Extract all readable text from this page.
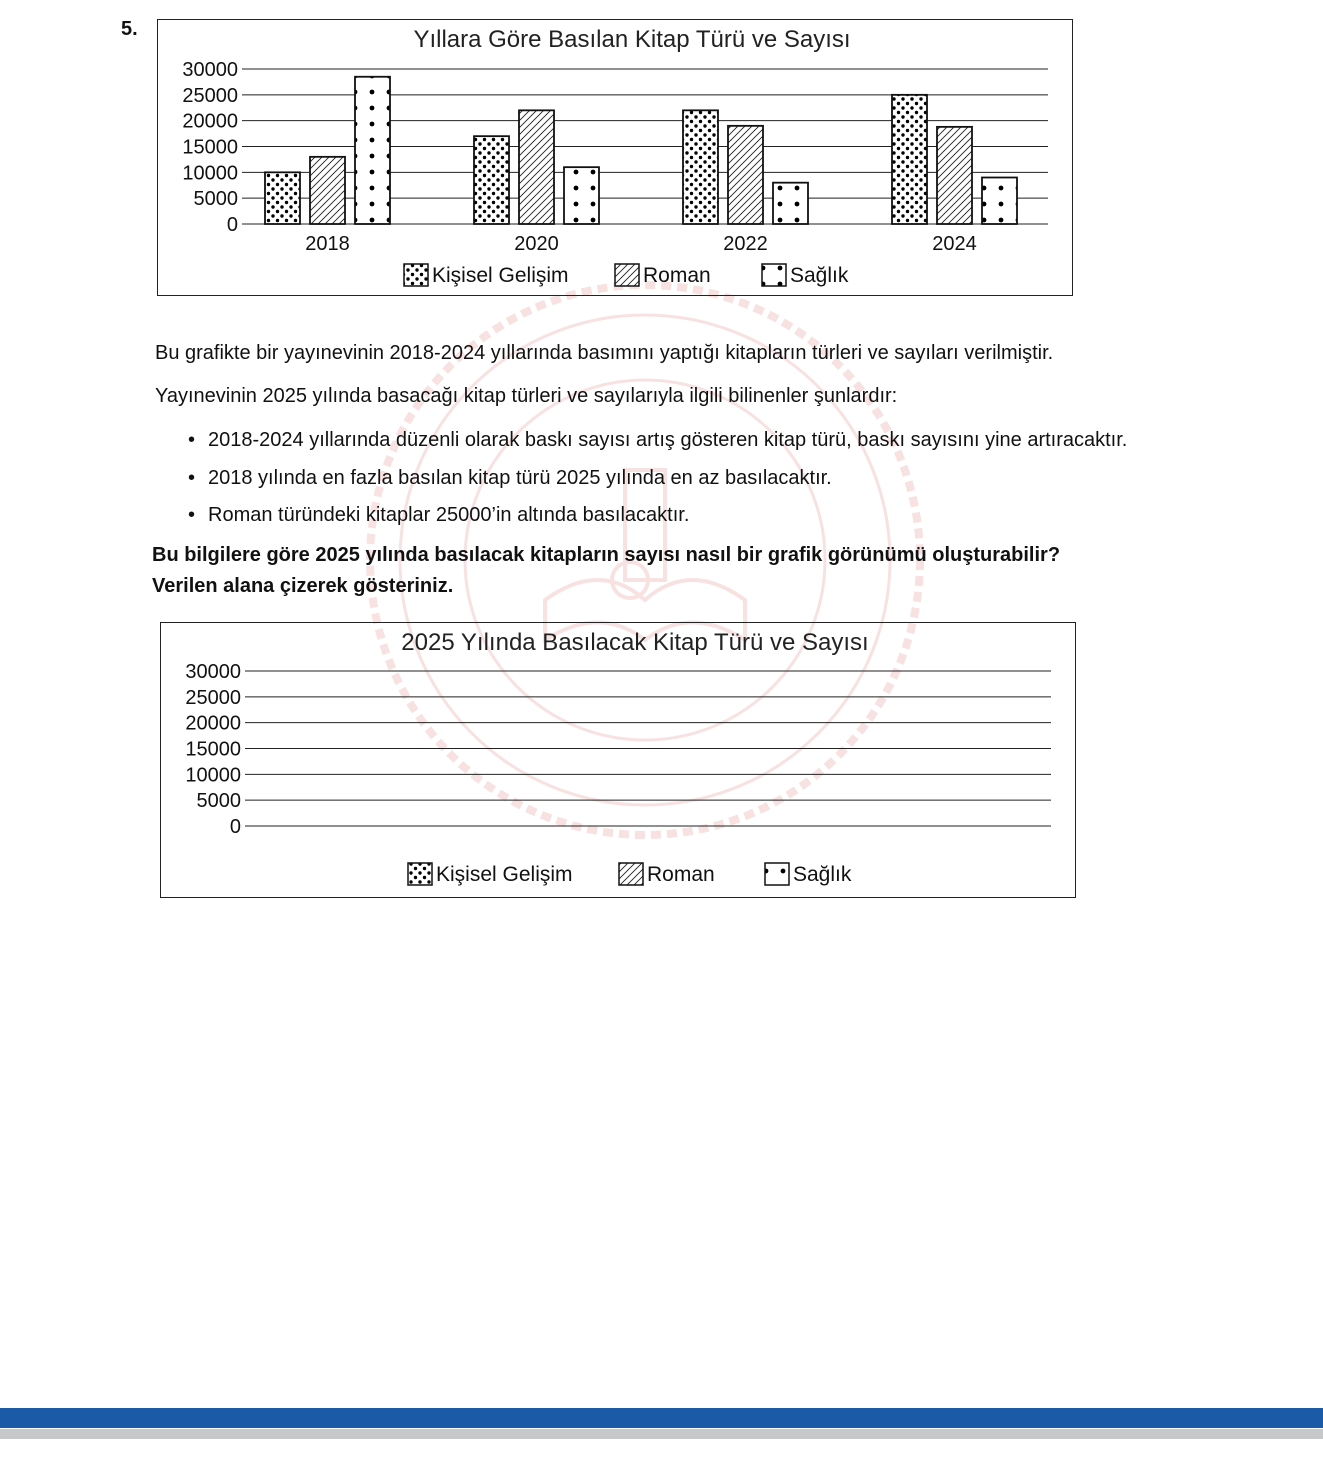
5.	Yıllara Göre Basılan Kitap Türü ve Sayısı
30000
25000
20000
15000
10000
5000
0
2018	2020	2022	2024
Kişisel Gelişim	Roman	Sağlık
Bu grafikte bir yayınevinin 2018-2024 yıllarında basımını yaptığı kitapların türleri ve sayıları verilmiştir.
Yayınevinin 2025 yılında basacağı kitap türleri ve sayılarıyla ilgili bilinenler şunlardır:
• 2018-2024 yıllarında düzenli olarak baskı sayısı artış gösteren kitap türü, baskı sayısını yine artıracaktır.
• 2018 yılında en fazla basılan kitap türü 2025 yılında en az basılacaktır.
• Roman türündeki kitaplar 25000’in altında basılacaktır.
Bu bilgilere göre 2025 yılında basılacak kitapların sayısı nasıl bir grafik görünümü oluşturabilir?
Verilen alana çizerek gösteriniz.
2025 Yılında Basılacak Kitap Türü ve Sayısı
30000
25000
20000
15000
10000
5000
0
Kişisel Gelişim	Roman	Sağlık
